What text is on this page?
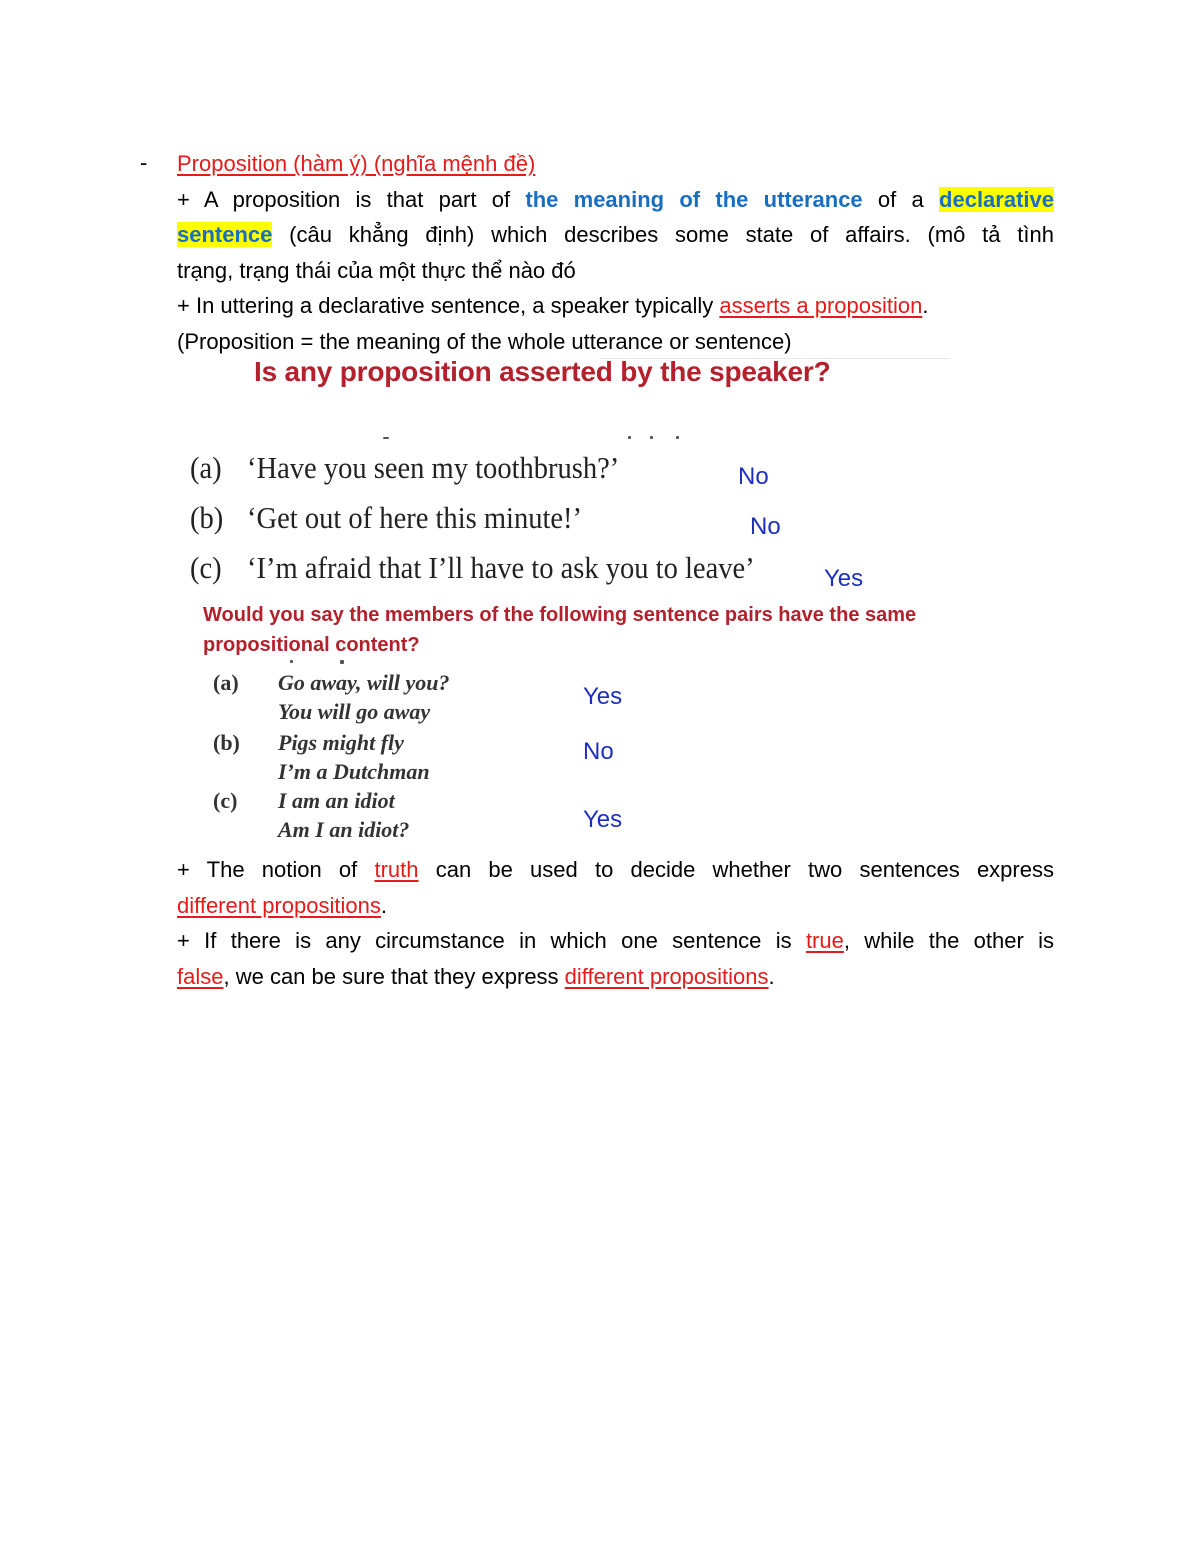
- Proposition (hàm ý) (nghĩa mệnh đề)
+ A proposition is that part of the meaning of the utterance of a declarative
sentence (câu khẳng định) which describes some state of affairs. (mô tả tình
trạng, trạng thái của một thực thể nào đó
+ In uttering a declarative sentence, a speaker typically asserts a proposition.
(Proposition = the meaning of the whole utterance or sentence)
Is any proposition asserted by the speaker?
(a) ‘Have you seen my toothbrush?’	No
(b) ‘Get out of here this minute!’	No
(c) ‘I’m afraid that I’ll have to ask you to leave’	Yes
Would you say the members of the following sentence pairs have the same propositional content?
(a) Go away, will you?
You will go away
Yes
(b) Pigs might fly
I’m a Dutchman
No
(c) I am an idiot
Am I an idiot?	Yes
+ The notion of truth can be used to decide whether two sentences express
different propositions.
+ If there is any circumstance in which one sentence is true, while the other is
false, we can be sure that they express different propositions.
